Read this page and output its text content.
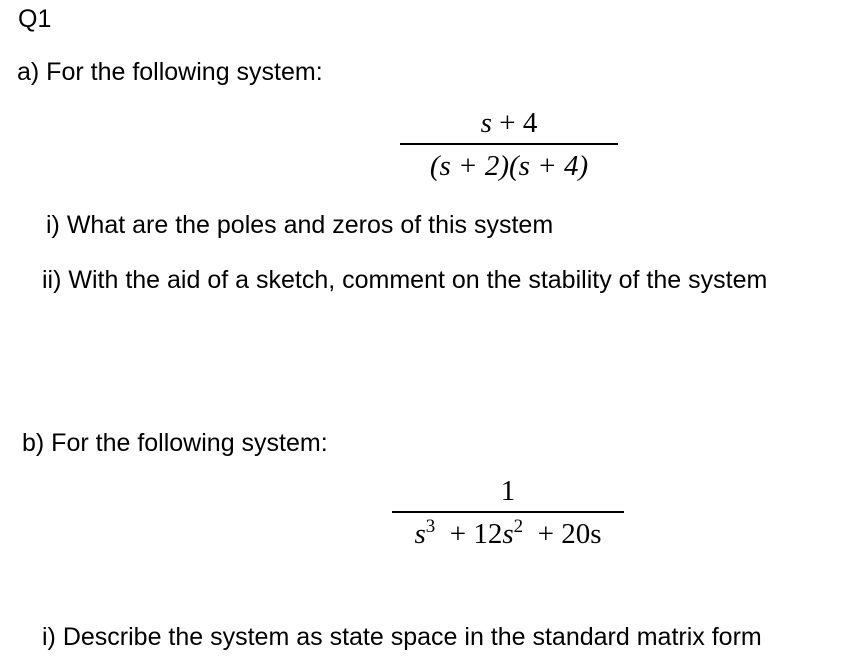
Q1
a) For the following system:
s + 4
(s + 2)(s + 4)
i) What are the poles and zeros of this system
ii) With the aid of a sketch, comment on the stability of the system
b) For the following system:
1
$s^3 + 12s^2 + 20s$
i) Describe the system as state space in the standard matrix form
